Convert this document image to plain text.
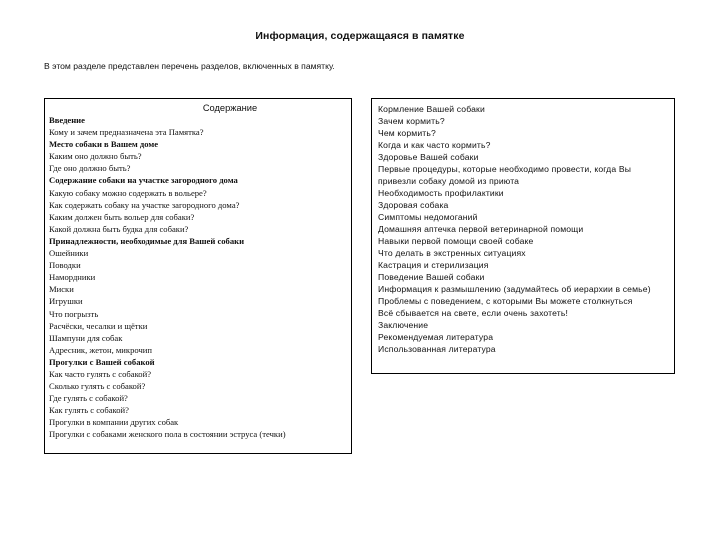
Информация, содержащаяся в памятке
В этом разделе представлен перечень разделов, включенных в памятку.
Содержание
Введение
Кому и зачем предназначена эта Памятка?
Место собаки в Вашем доме
Каким оно должно быть?
Где оно должно быть?
Содержание собаки на участке загородного дома
Какую собаку можно содержать в вольере?
Как содержать собаку на участке загородного дома?
Каким должен быть вольер для собаки?
Какой должна быть будка для собаки?
Принадлежности, необходимые для Вашей собаки
Ошейники
Поводки
Намордники
Миски
Игрушки
Что погрызть
Расчёски, чесалки и щётки
Шампуни для собак
Адресник, жетон, микрочип
Прогулки с Вашей собакой
Как часто гулять с собакой?
Сколько гулять с собакой?
Где гулять с собакой?
Как гулять с собакой?
Прогулки в компании других собак
Прогулки с собаками женского пола в состоянии эструса (течки)
Кормление Вашей собаки
Зачем кормить?
Чем кормить?
Когда и как часто кормить?
Здоровье Вашей собаки
Первые процедуры, которые необходимо провести, когда Вы привезли собаку домой из приюта
Необходимость профилактики
Здоровая собака
Симптомы недомоганий
Домашняя аптечка первой ветеринарной помощи
Навыки первой помощи своей собаке
Что делать в экстренных ситуациях
Кастрация и стерилизация
Поведение Вашей собаки
Информация к размышлению (задумайтесь об иерархии в семье)
Проблемы с поведением, с которыми Вы можете столкнуться
Всё сбывается на свете, если очень захотеть!
Заключение
Рекомендуемая литература
Использованная литература
